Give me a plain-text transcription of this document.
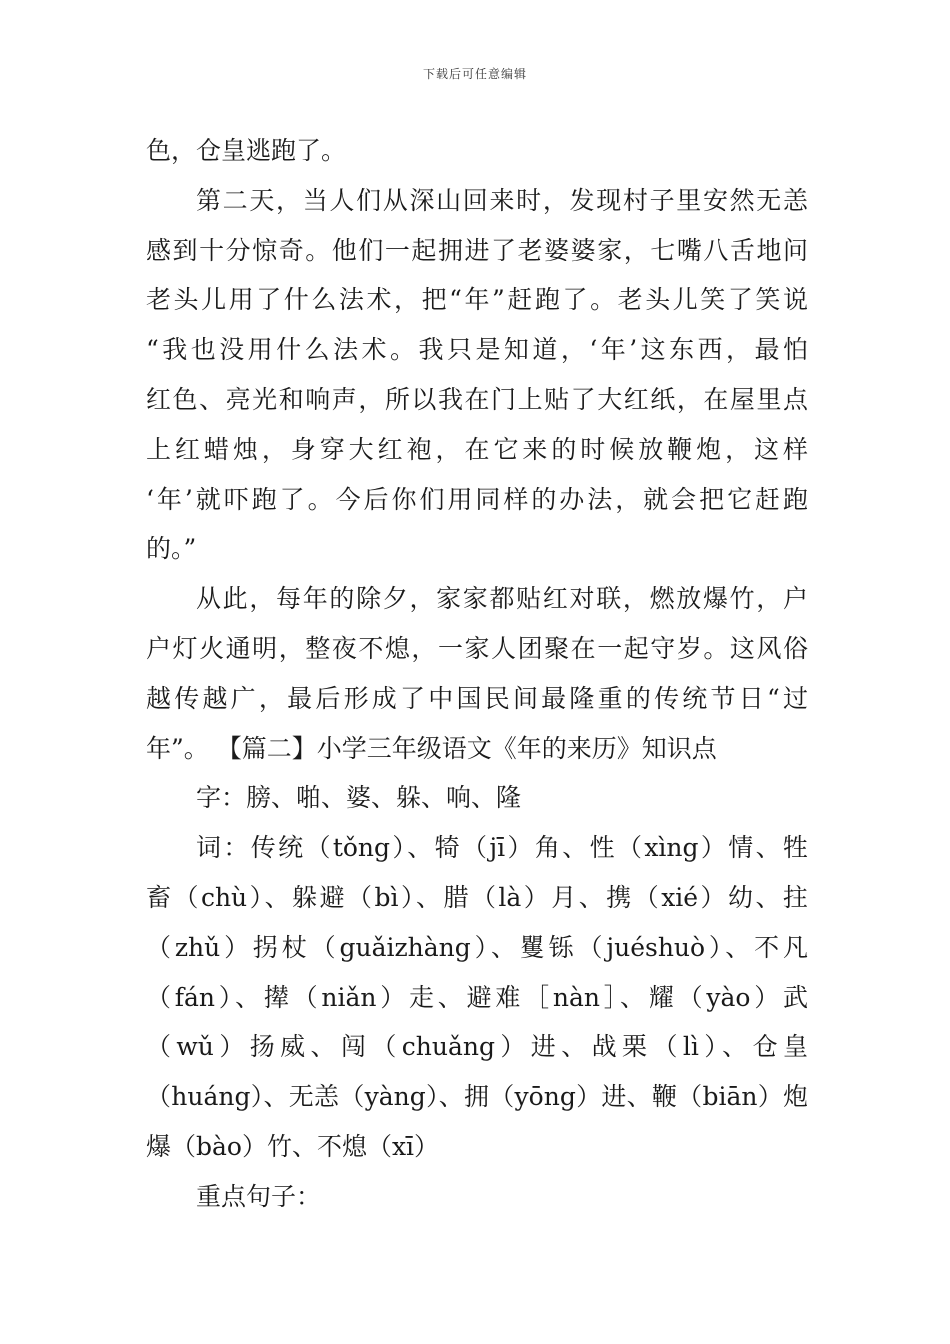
下载后可任意编辑
色，仓皇逃跑了。
第二天，当人们从深山回来时，发现村子里安然无恙
感到十分惊奇。他们一起拥进了老婆婆家，七嘴八舌地问
老头儿用了什么法术，把“年”赶跑了。老头儿笑了笑说
“我也没用什么法术。我只是知道，‘年’这东西，最怕
红色、亮光和响声，所以我在门上贴了大红纸，在屋里点
上红蜡烛，身穿大红袍，在它来的时候放鞭炮，这样
‘年’就吓跑了。今后你们用同样的办法，就会把它赶跑
的。”
从此，每年的除夕，家家都贴红对联，燃放爆竹，户
户灯火通明，整夜不熄，一家人团聚在一起守岁。这风俗
越传越广，最后形成了中国民间最隆重的传统节日“过
年”。 【篇二】小学三年级语文《年的来历》知识点
字：膀、啪、婆、躲、响、隆
词：传统（tǒng）、犄（jī）角、性（xìng）情、牲
畜（chù）、躲避（bì）、腊（là）月、携（xié）幼、拄
（zhǔ）拐杖（guǎizhàng）、矍铄（juéshuò）、不凡
（fán）、撵（niǎn）走、避难［nàn］、耀（yào）武
（wǔ）扬威、闯（chuǎng）进、战栗（lì）、仓皇
（huáng）、无恙（yàng）、拥（yōng）进、鞭（biān）炮
爆（bào）竹、不熄（xī）
重点句子：
